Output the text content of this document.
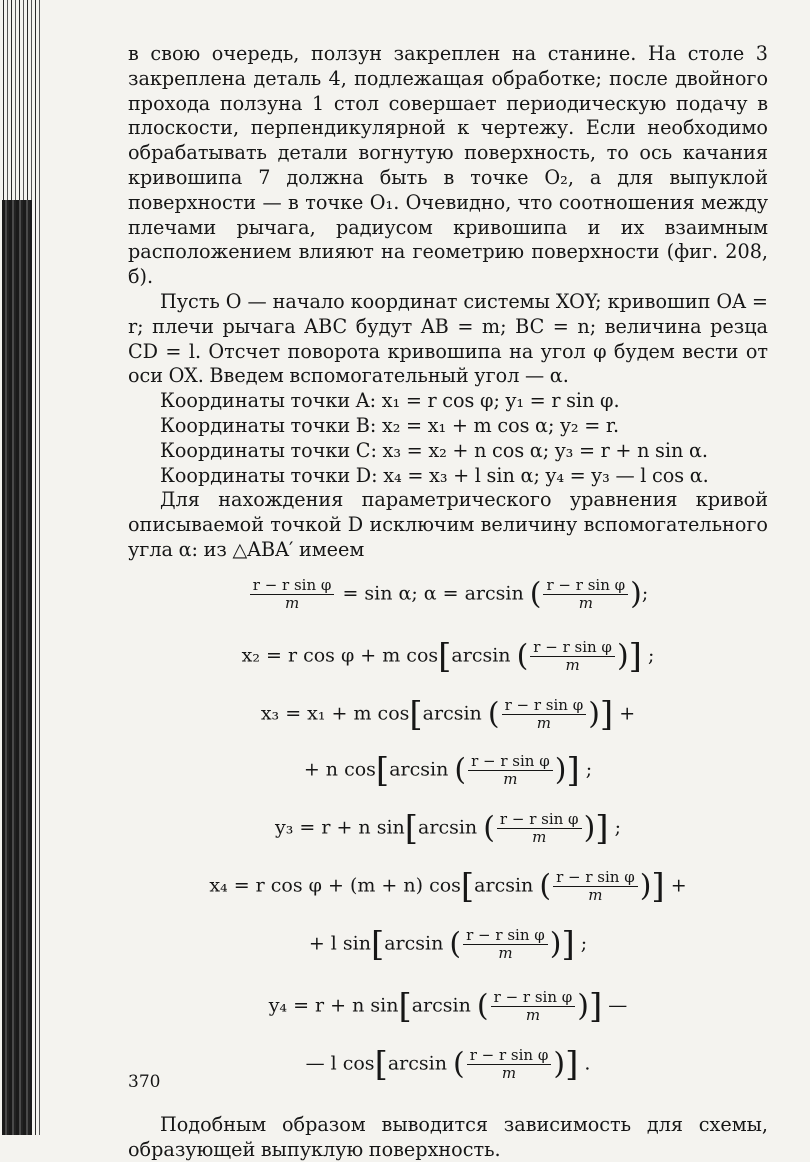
в свою очередь, ползун закреплен на станине. На столе 3 закреплена деталь 4, подлежащая обработке; после двойного прохода ползуна 1 стол совершает периодическую подачу в плоскости, перпендикулярной к чертежу. Если необходимо обрабатывать детали вогнутую поверхность, то ось качания кривошипа 7 должна быть в точке O₂, а для выпуклой поверхности — в точке O₁. Очевидно, что соотношения между плечами рычага, радиусом кривошипа и их взаимным расположением влияют на геометрию поверхности (фиг. 208, б).

Пусть O — начало координат системы XOY; кривошип OA = r; плечи рычага ABC будут AB = m; BC = n; величина резца CD = l. Отсчет поворота кривошипа на угол φ будем вести от оси OX. Введем вспомогательный угол — α.

Координаты точки A: x₁ = r cos φ; y₁ = r sin φ.

Координаты точки B: x₂ = x₁ + m cos α; y₂ = r.

Координаты точки C: x₃ = x₂ + n cos α; y₃ = r + n sin α.

Координаты точки D: x₄ = x₃ + l sin α; y₄ = y₃ — l cos α.

Для нахождения параметрического уравнения кривой описываемой точкой D исключим величину вспомогательного угла α: из △ABA′ имеем

$\frac{\text{r − r sin φ}}{m} = \sin \alpha$; α = arcsin ( $\frac{\text{r − r sin φ}}{m}$ );
x₂ = r cos φ + m cos[arcsin ( $\frac{\text{r − r sin φ}}{m}$ )] ;
x₃ = x₁ + m cos[arcsin ( $\frac{\text{r − r sin φ}}{m}$ )] +
+ n cos[arcsin ( $\frac{\text{r − r sin φ}}{m}$ )] ;
y₃ = r + n sin[arcsin ( $\frac{\text{r − r sin φ}}{m}$ )] ;
x₄ = r cos φ + (m + n) cos[arcsin ( $\frac{\text{r − r sin φ}}{m}$ )] +
+ l sin[arcsin ( $\frac{\text{r − r sin φ}}{m}$ )] ;
y₄ = r + n sin[arcsin ( $\frac{\text{r − r sin φ}}{m}$ )] —
— l cos[arcsin ( $\frac{\text{r − r sin φ}}{m}$ )] .

Подобным образом выводится зависимость для схемы, образующей выпуклую поверхность.

370
